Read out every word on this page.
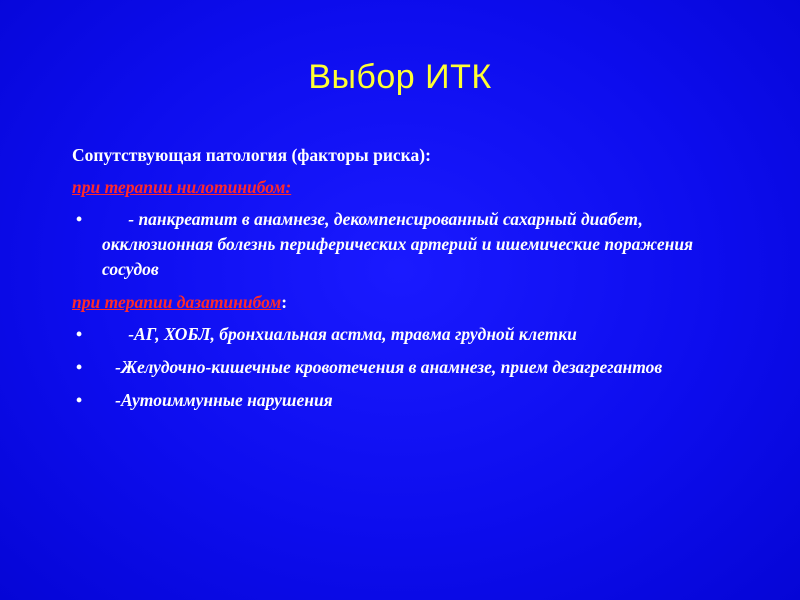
Выбор ИТК
Сопутствующая патология (факторы риска):
при терапии нилотинибом:
• - панкреатит в анамнезе, декомпенсированный сахарный диабет, окклюзионная болезнь периферических артерий и ишемические поражения сосудов
при терапии дазатинибом:
• -АГ, ХОБЛ, бронхиальная астма, травма грудной клетки
• -Желудочно-кишечные кровотечения в анамнезе, прием дезагрегантов
• -Аутоиммунные нарушения
